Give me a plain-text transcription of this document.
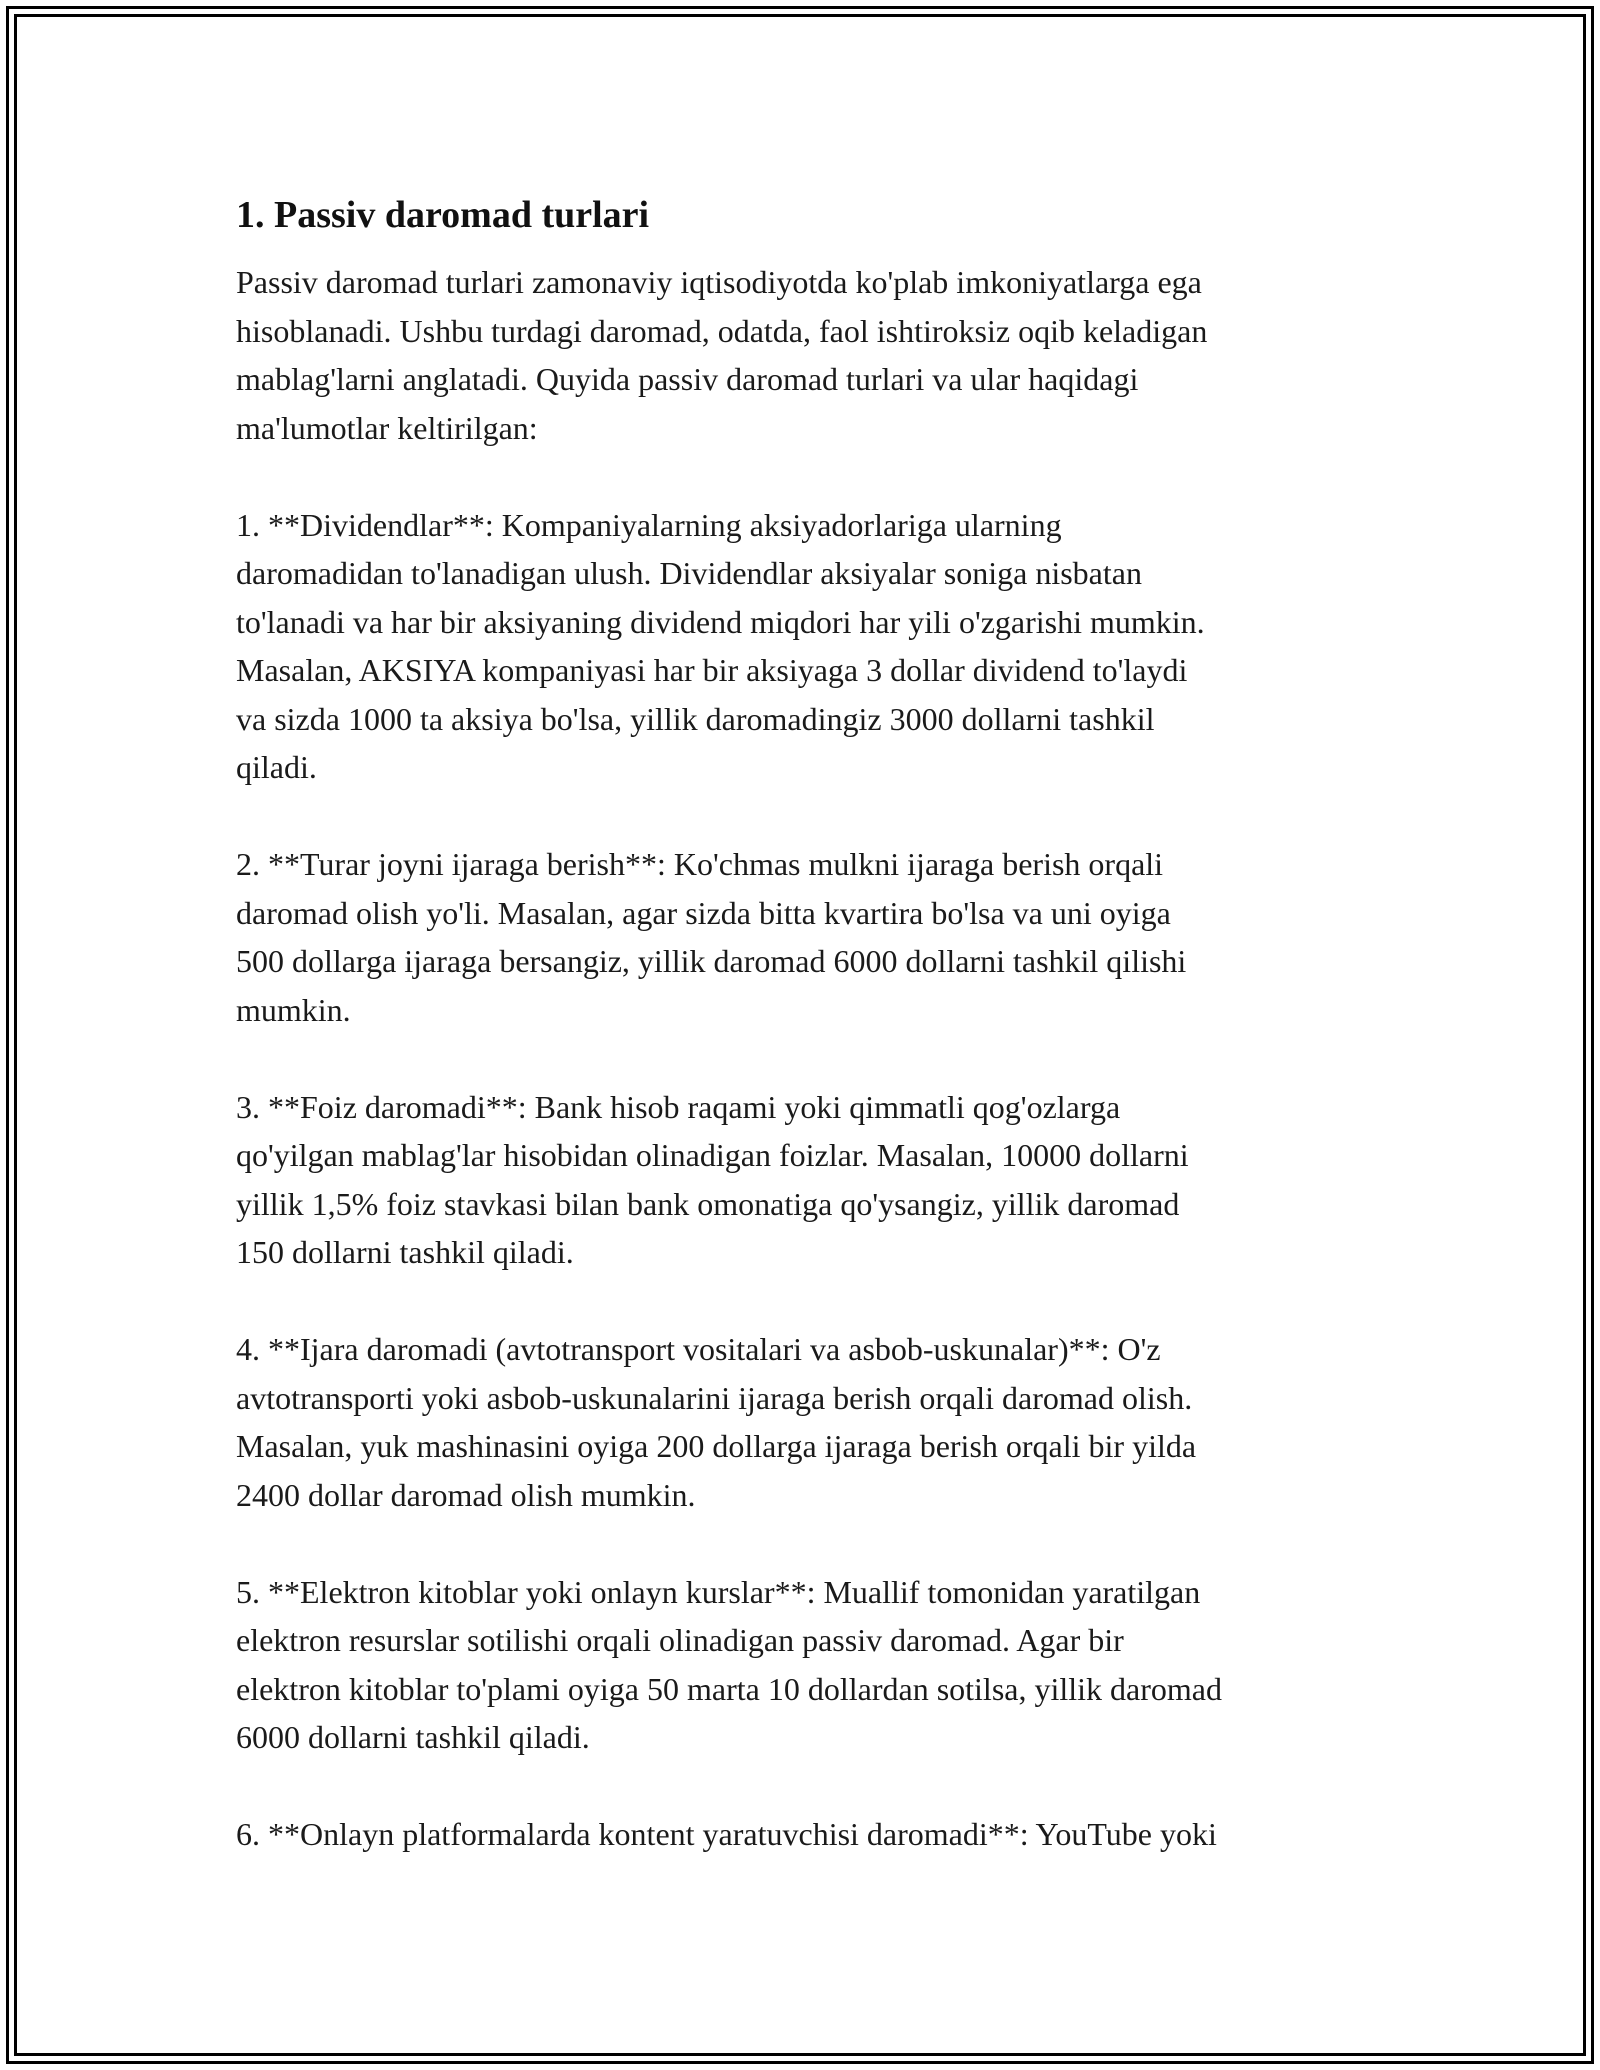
1. Passiv daromad turlari

Passiv daromad turlari zamonaviy iqtisodiyotda ko'plab imkoniyatlarga ega
hisoblanadi. Ushbu turdagi daromad, odatda, faol ishtiroksiz oqib keladigan
mablag'larni anglatadi. Quyida passiv daromad turlari va ular haqidagi
ma'lumotlar keltirilgan:

1. **Dividendlar**: Kompaniyalarning aksiyadorlariga ularning
daromadidan to'lanadigan ulush. Dividendlar aksiyalar soniga nisbatan
to'lanadi va har bir aksiyaning dividend miqdori har yili o'zgarishi mumkin.
Masalan, AKSIYA kompaniyasi har bir aksiyaga 3 dollar dividend to'laydi
va sizda 1000 ta aksiya bo'lsa, yillik daromadingiz 3000 dollarni tashkil
qiladi.

2. **Turar joyni ijaraga berish**: Ko'chmas mulkni ijaraga berish orqali
daromad olish yo'li. Masalan, agar sizda bitta kvartira bo'lsa va uni oyiga
500 dollarga ijaraga bersangiz, yillik daromad 6000 dollarni tashkil qilishi
mumkin.

3. **Foiz daromadi**: Bank hisob raqami yoki qimmatli qog'ozlarga
qo'yilgan mablag'lar hisobidan olinadigan foizlar. Masalan, 10000 dollarni
yillik 1,5% foiz stavkasi bilan bank omonatiga qo'ysangiz, yillik daromad
150 dollarni tashkil qiladi.

4. **Ijara daromadi (avtotransport vositalari va asbob-uskunalar)**: O'z
avtotransporti yoki asbob-uskunalarini ijaraga berish orqali daromad olish.
Masalan, yuk mashinasini oyiga 200 dollarga ijaraga berish orqali bir yilda
2400 dollar daromad olish mumkin.

5. **Elektron kitoblar yoki onlayn kurslar**: Muallif tomonidan yaratilgan
elektron resurslar sotilishi orqali olinadigan passiv daromad. Agar bir
elektron kitoblar to'plami oyiga 50 marta 10 dollardan sotilsa, yillik daromad
6000 dollarni tashkil qiladi.

6. **Onlayn platformalarda kontent yaratuvchisi daromadi**: YouTube yoki
